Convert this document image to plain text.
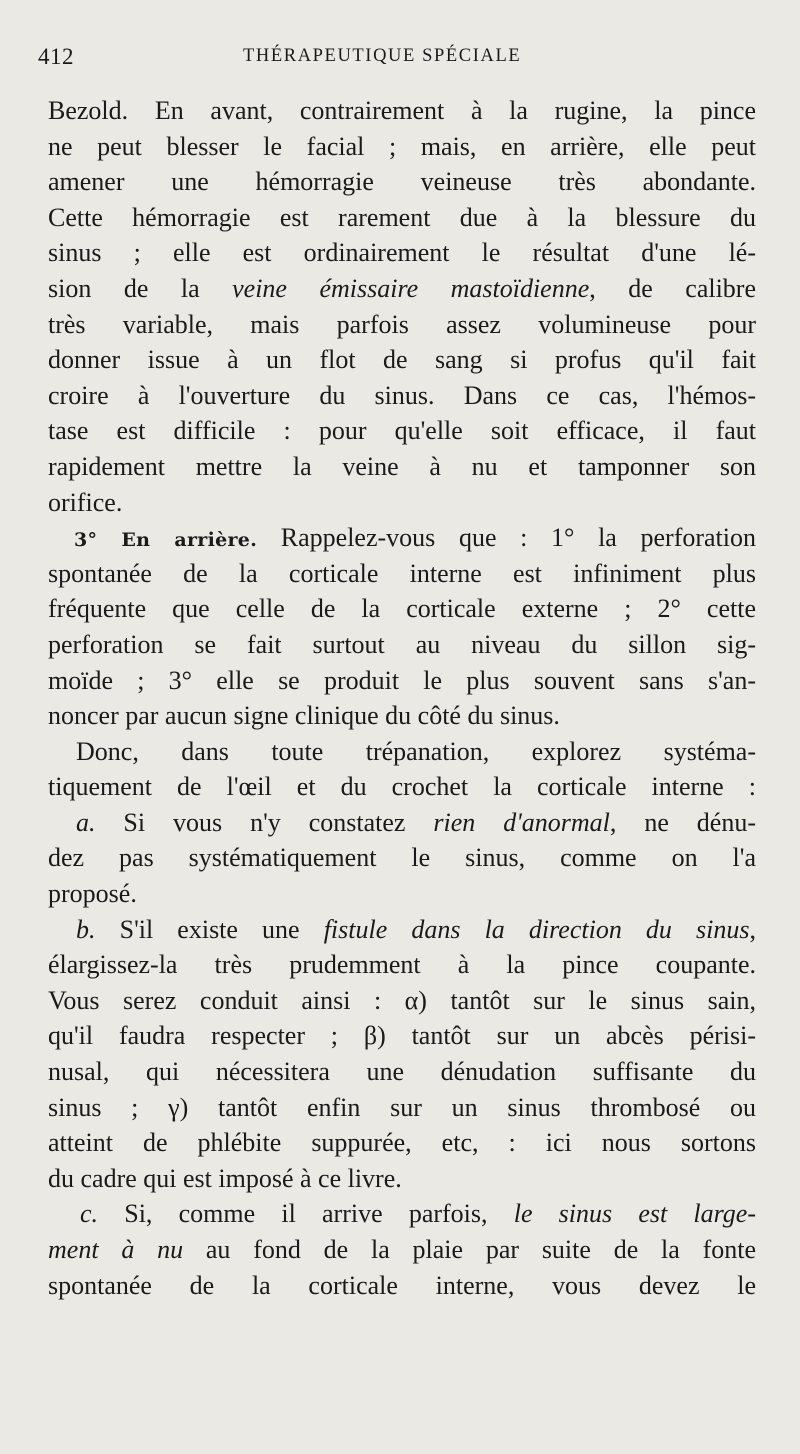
412	THÉRAPEUTIQUE SPÉCIALE
Bezold. En avant, contrairement à la rugine, la pince
ne peut blesser le facial ; mais, en arrière, elle peut
amener une hémorragie veineuse très abondante.
Cette hémorragie est rarement due à la blessure du
sinus ; elle est ordinairement le résultat d'une lé-
sion de la veine émissaire mastoïdienne, de calibre
très variable, mais parfois assez volumineuse pour
donner issue à un flot de sang si profus qu'il fait
croire à l'ouverture du sinus. Dans ce cas, l'hémos-
tase est difficile : pour qu'elle soit efficace, il faut
rapidement mettre la veine à nu et tamponner son
orifice.
3° En arrière. Rappelez-vous que : 1° la perforation
spontanée de la corticale interne est infiniment plus
fréquente que celle de la corticale externe ; 2° cette
perforation se fait surtout au niveau du sillon sig-
moïde ; 3° elle se produit le plus souvent sans s'an-
noncer par aucun signe clinique du côté du sinus.
Donc, dans toute trépanation, explorez systéma-
tiquement de l'œil et du crochet la corticale interne :
a. Si vous n'y constatez rien d'anormal, ne dénu-
dez pas systématiquement le sinus, comme on l'a
proposé.
b. S'il existe une fistule dans la direction du sinus,
élargissez-la très prudemment à la pince coupante.
Vous serez conduit ainsi : α) tantôt sur le sinus sain,
qu'il faudra respecter ; β) tantôt sur un abcès périsi-
nusal, qui nécessitera une dénudation suffisante du
sinus ; γ) tantôt enfin sur un sinus thrombosé ou
atteint de phlébite suppurée, etc, : ici nous sortons
du cadre qui est imposé à ce livre.
c. Si, comme il arrive parfois, le sinus est large-
ment à nu au fond de la plaie par suite de la fonte
spontanée de la corticale interne, vous devez le
